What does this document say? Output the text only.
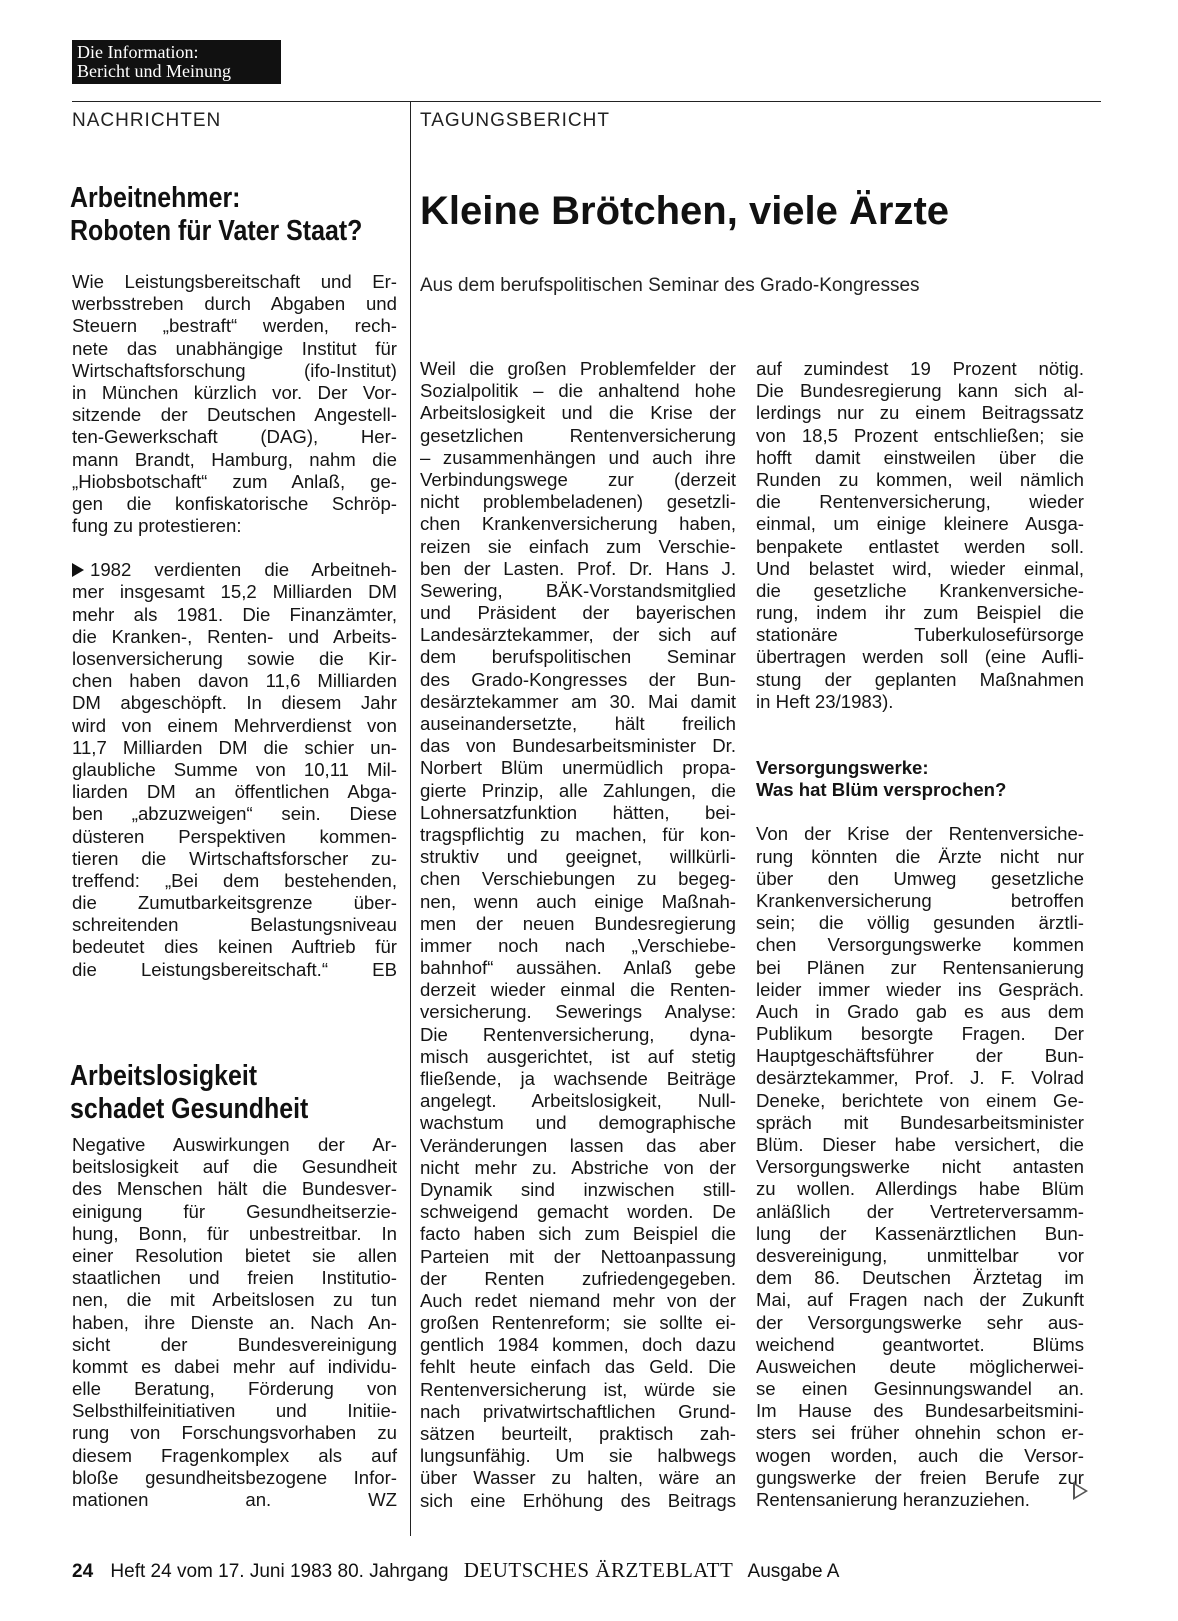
Die Information:
Bericht und Meinung
NACHRICHTEN	TAGUNGSBERICHT
Arbeitnehmer:
Roboten für Vater Staat?
Wie Leistungsbereitschaft und Er-
werbsstreben durch Abgaben und
Steuern „bestraft“ werden, rech-
nete das unabhängige Institut für
Wirtschaftsforschung (ifo-Institut)
in München kürzlich vor. Der Vor-
sitzende der Deutschen Angestell-
ten-Gewerkschaft (DAG), Her-
mann Brandt, Hamburg, nahm die
„Hiobsbotschaft“ zum Anlaß, ge-
gen die konfiskatorische Schröp-
fung zu protestieren:
1982 verdienten die Arbeitneh-
mer insgesamt 15,2 Milliarden DM
mehr als 1981. Die Finanzämter,
die Kranken-, Renten- und Arbeits-
losenversicherung sowie die Kir-
chen haben davon 11,6 Milliarden
DM abgeschöpft. In diesem Jahr
wird von einem Mehrverdienst von
11,7 Milliarden DM die schier un-
glaubliche Summe von 10,11 Mil-
liarden DM an öffentlichen Abga-
ben „abzuzweigen“ sein. Diese
düsteren Perspektiven kommen-
tieren die Wirtschaftsforscher zu-
treffend: „Bei dem bestehenden,
die Zumutbarkeitsgrenze über-
schreitenden Belastungsniveau
bedeutet dies keinen Auftrieb für
die Leistungsbereitschaft.“ EB
Arbeitslosigkeit
schadet Gesundheit
Negative Auswirkungen der Ar-
beitslosigkeit auf die Gesundheit
des Menschen hält die Bundesver-
einigung für Gesundheitserzie-
hung, Bonn, für unbestreitbar. In
einer Resolution bietet sie allen
staatlichen und freien Institutio-
nen, die mit Arbeitslosen zu tun
haben, ihre Dienste an. Nach An-
sicht der Bundesvereinigung
kommt es dabei mehr auf individu-
elle Beratung, Förderung von
Selbsthilfeinitiativen und Initiie-
rung von Forschungsvorhaben zu
diesem Fragenkomplex als auf
bloße gesundheitsbezogene Infor-
mationen an. WZ
Kleine Brötchen, viele Ärzte
Aus dem berufspolitischen Seminar des Grado-Kongresses
Weil die großen Problemfelder der
Sozialpolitik – die anhaltend hohe
Arbeitslosigkeit und die Krise der
gesetzlichen Rentenversicherung
– zusammenhängen und auch ihre
Verbindungswege zur (derzeit
nicht problembeladenen) gesetzli-
chen Krankenversicherung haben,
reizen sie einfach zum Verschie-
ben der Lasten. Prof. Dr. Hans J.
Sewering, BÄK-Vorstandsmitglied
und Präsident der bayerischen
Landesärztekammer, der sich auf
dem berufspolitischen Seminar
des Grado-Kongresses der Bun-
desärztekammer am 30. Mai damit
auseinandersetzte, hält freilich
das von Bundesarbeitsminister Dr.
Norbert Blüm unermüdlich propa-
gierte Prinzip, alle Zahlungen, die
Lohnersatzfunktion hätten, bei-
tragspflichtig zu machen, für kon-
struktiv und geeignet, willkürli-
chen Verschiebungen zu begeg-
nen, wenn auch einige Maßnah-
men der neuen Bundesregierung
immer noch nach „Verschiebe-
bahnhof“ aussähen. Anlaß gebe
derzeit wieder einmal die Renten-
versicherung. Sewerings Analyse:
Die Rentenversicherung, dyna-
misch ausgerichtet, ist auf stetig
fließende, ja wachsende Beiträge
angelegt. Arbeitslosigkeit, Null-
wachstum und demographische
Veränderungen lassen das aber
nicht mehr zu. Abstriche von der
Dynamik sind inzwischen still-
schweigend gemacht worden. De
facto haben sich zum Beispiel die
Parteien mit der Nettoanpassung
der Renten zufriedengegeben.
Auch redet niemand mehr von der
großen Rentenreform; sie sollte ei-
gentlich 1984 kommen, doch dazu
fehlt heute einfach das Geld. Die
Rentenversicherung ist, würde sie
nach privatwirtschaftlichen Grund-
sätzen beurteilt, praktisch zah-
lungsunfähig. Um sie halbwegs
über Wasser zu halten, wäre an
sich eine Erhöhung des Beitrags
auf zumindest 19 Prozent nötig.
Die Bundesregierung kann sich al-
lerdings nur zu einem Beitragssatz
von 18,5 Prozent entschließen; sie
hofft damit einstweilen über die
Runden zu kommen, weil nämlich
die Rentenversicherung, wieder
einmal, um einige kleinere Ausga-
benpakete entlastet werden soll.
Und belastet wird, wieder einmal,
die gesetzliche Krankenversiche-
rung, indem ihr zum Beispiel die
stationäre Tuberkulosefürsorge
übertragen werden soll (eine Aufli-
stung der geplanten Maßnahmen
in Heft 23/1983).
Versorgungswerke:
Was hat Blüm versprochen?
Von der Krise der Rentenversiche-
rung könnten die Ärzte nicht nur
über den Umweg gesetzliche
Krankenversicherung betroffen
sein; die völlig gesunden ärztli-
chen Versorgungswerke kommen
bei Plänen zur Rentensanierung
leider immer wieder ins Gespräch.
Auch in Grado gab es aus dem
Publikum besorgte Fragen. Der
Hauptgeschäftsführer der Bun-
desärztekammer, Prof. J. F. Volrad
Deneke, berichtete von einem Ge-
spräch mit Bundesarbeitsminister
Blüm. Dieser habe versichert, die
Versorgungswerke nicht antasten
zu wollen. Allerdings habe Blüm
anläßlich der Vertreterversamm-
lung der Kassenärztlichen Bun-
desvereinigung, unmittelbar vor
dem 86. Deutschen Ärztetag im
Mai, auf Fragen nach der Zukunft
der Versorgungswerke sehr aus-
weichend geantwortet. Blüms
Ausweichen deute möglicherwei-
se einen Gesinnungswandel an.
Im Hause des Bundesarbeitsmini-
sters sei früher ohnehin schon er-
wogen worden, auch die Versor-
gungswerke der freien Berufe zur
Rentensanierung heranzuziehen.
24 Heft 24 vom 17. Juni 1983 80. Jahrgang DEUTSCHES ÄRZTEBLATT Ausgabe A
